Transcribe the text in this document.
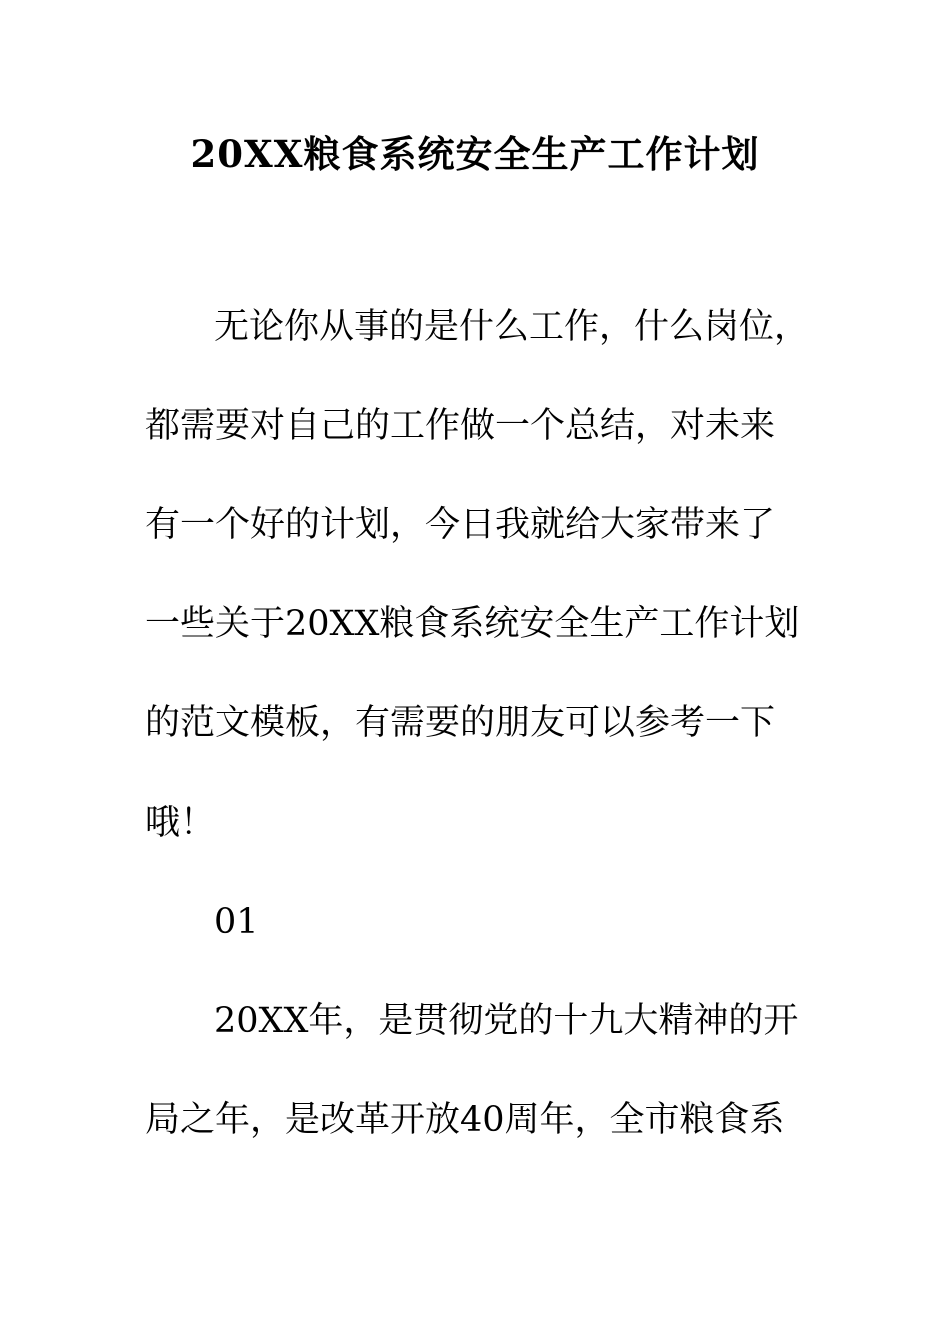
20XX粮食系统安全生产工作计划

无论你从事的是什么工作，什么岗位，

都需要对自己的工作做一个总结，对未来

有一个好的计划，今日我就给大家带来了

一些关于20XX粮食系统安全生产工作计划

的范文模板，有需要的朋友可以参考一下

哦！

01

20XX年，是贯彻党的十九大精神的开

局之年，是改革开放40周年，全市粮食系
